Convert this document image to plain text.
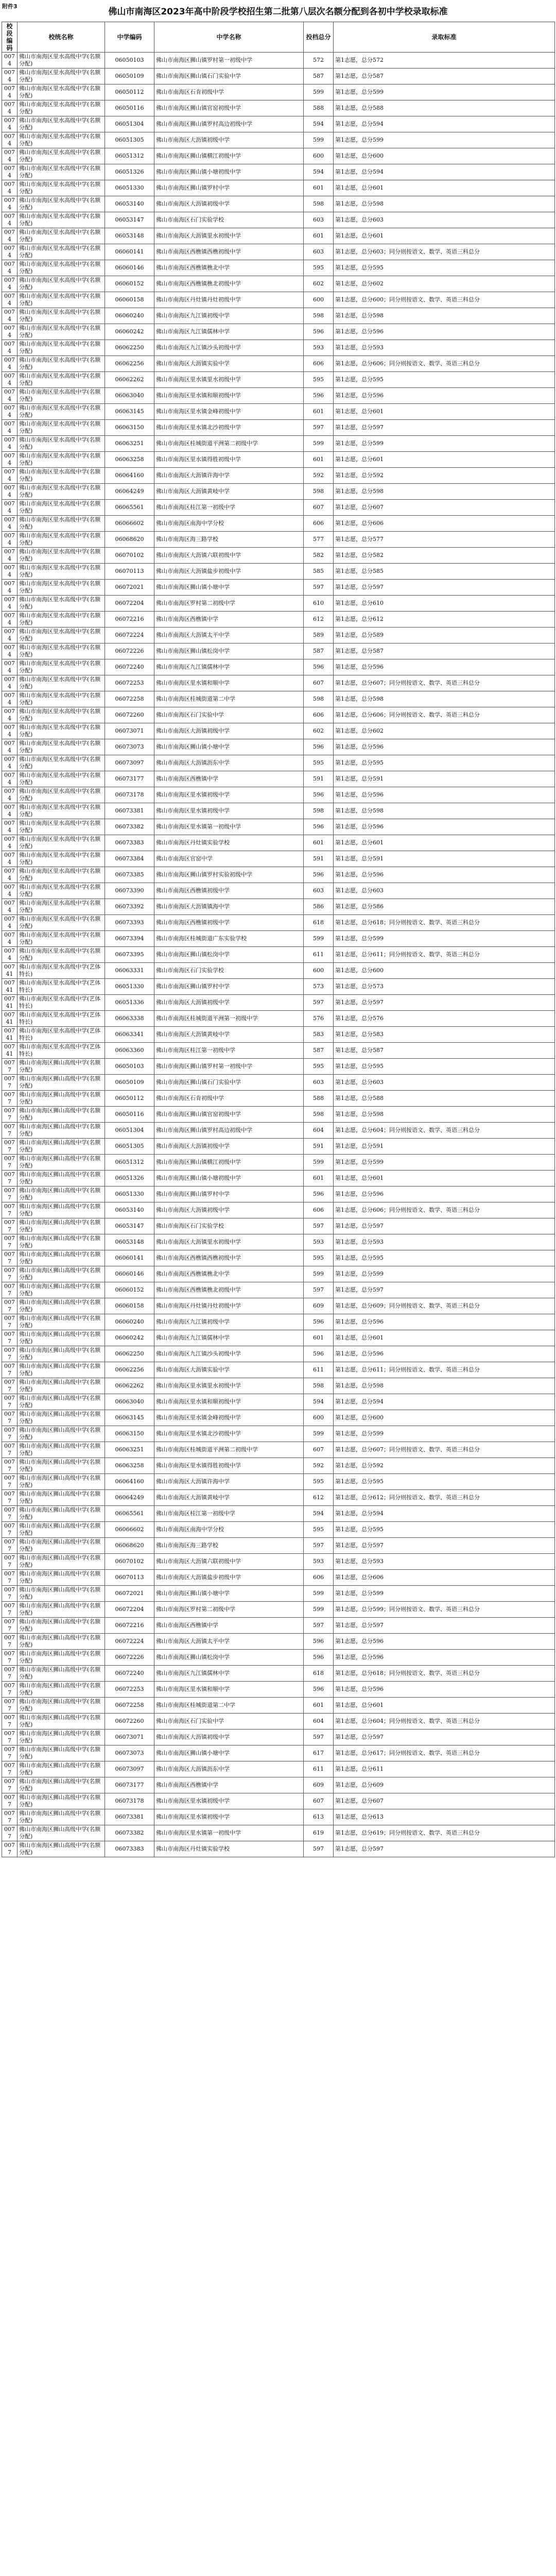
附件3
佛山市南海区2023年高中阶段学校招生第二批第八层次名额分配到各初中学校录取标准
校段编码	校统名称	中学编码	中学名称	投档总分	录取标准
0074	佛山市南海区里水高级中学(名额分配)	06050103	佛山市南海区狮山镇罗村第一初级中学	572	第1志愿，总分572
0074	佛山市南海区里水高级中学(名额分配)	06050109	佛山市南海区狮山镇石门实验中学	587	第1志愿，总分587
0074	佛山市南海区里水高级中学(名额分配)	06050112	佛山市南海区石肯初级中学	599	第1志愿，总分599
0074	佛山市南海区里水高级中学(名额分配)	06050116	佛山市南海区狮山镇官窑初级中学	588	第1志愿，总分588
0074	佛山市南海区里水高级中学(名额分配)	06051304	佛山市南海区狮山镇罗村高边初级中学	594	第1志愿，总分594
0074	佛山市南海区里水高级中学(名额分配)	06051305	佛山市南海区大沥镇初级中学	599	第1志愿，总分599
0074	佛山市南海区里水高级中学(名额分配)	06051312	佛山市南海区狮山镇横江初级中学	600	第1志愿，总分600
0074	佛山市南海区里水高级中学(名额分配)	06051326	佛山市南海区狮山镇小塘初级中学	594	第1志愿，总分594
0074	佛山市南海区里水高级中学(名额分配)	06051330	佛山市南海区狮山镇罗村中学	601	第1志愿，总分601
0074	佛山市南海区里水高级中学(名额分配)	06053140	佛山市南海区大沥镇初级中学	598	第1志愿，总分598
0074	佛山市南海区里水高级中学(名额分配)	06053147	佛山市南海区石门实验学校	603	第1志愿，总分603
0074	佛山市南海区里水高级中学(名额分配)	06053148	佛山市南海区大沥镇里水初级中学	601	第1志愿，总分601
0074	佛山市南海区里水高级中学(名额分配)	06060141	佛山市南海区西樵镇西樵初级中学	603	第1志愿，总分603；同分则按语文、数学、英语三科总分
0074	佛山市南海区里水高级中学(名额分配)	06060146	佛山市南海区西樵镇樵北中学	595	第1志愿，总分595
0074	佛山市南海区里水高级中学(名额分配)	06060152	佛山市南海区西樵镇樵北初级中学	602	第1志愿，总分602
0074	佛山市南海区里水高级中学(名额分配)	06060158	佛山市南海区丹灶镇丹灶初级中学	600	第1志愿，总分600；同分则按语文、数学、英语三科总分
0074	佛山市南海区里水高级中学(名额分配)	06060240	佛山市南海区九江镇初级中学	598	第1志愿，总分598
0074	佛山市南海区里水高级中学(名额分配)	06060242	佛山市南海区九江镇儒林中学	596	第1志愿，总分596
0074	佛山市南海区里水高级中学(名额分配)	06062250	佛山市南海区九江镇沙头初级中学	593	第1志愿，总分593
0074	佛山市南海区里水高级中学(名额分配)	06062256	佛山市南海区大沥镇实验中学	606	第1志愿，总分606；同分则按语文、数学、英语三科总分
0074	佛山市南海区里水高级中学(名额分配)	06062262	佛山市南海区里水镇里水初级中学	595	第1志愿，总分595
0074	佛山市南海区里水高级中学(名额分配)	06063040	佛山市南海区里水镇和顺初级中学	596	第1志愿，总分596
0074	佛山市南海区里水高级中学(名额分配)	06063145	佛山市南海区里水镇金峰初级中学	601	第1志愿，总分601
0074	佛山市南海区里水高级中学(名额分配)	06063150	佛山市南海区里水镇北沙初级中学	597	第1志愿，总分597
0074	佛山市南海区里水高级中学(名额分配)	06063251	佛山市南海区桂城街道平洲第二初级中学	599	第1志愿，总分599
0074	佛山市南海区里水高级中学(名额分配)	06063258	佛山市南海区里水镇得胜初级中学	601	第1志愿，总分601
0074	佛山市南海区里水高级中学(名额分配)	06064160	佛山市南海区大沥镇许海中学	592	第1志愿，总分592
0074	佛山市南海区里水高级中学(名额分配)	06064249	佛山市南海区大沥镇黄岐中学	598	第1志愿，总分598
0074	佛山市南海区里水高级中学(名额分配)	06065561	佛山市南海区桂江第一初级中学	607	第1志愿，总分607
0074	佛山市南海区里水高级中学(名额分配)	06066602	佛山市南海区南海中学分校	606	第1志愿，总分606
0074	佛山市南海区里水高级中学(名额分配)	06068620	佛山市南海区海三路学校	577	第1志愿，总分577
0074	佛山市南海区里水高级中学(名额分配)	06070102	佛山市南海区大沥镇六联初级中学	582	第1志愿，总分582
0074	佛山市南海区里水高级中学(名额分配)	06070113	佛山市南海区大沥镇盐步初级中学	585	第1志愿，总分585
0074	佛山市南海区里水高级中学(名额分配)	06072021	佛山市南海区狮山镇小塘中学	597	第1志愿，总分597
0074	佛山市南海区里水高级中学(名额分配)	06072204	佛山市南海区罗村第二初级中学	610	第1志愿，总分610
0074	佛山市南海区里水高级中学(名额分配)	06072216	佛山市南海区西樵镇中学	612	第1志愿，总分612
0074	佛山市南海区里水高级中学(名额分配)	06072224	佛山市南海区大沥镇太平中学	589	第1志愿，总分589
0074	佛山市南海区里水高级中学(名额分配)	06072226	佛山市南海区狮山镇松岗中学	587	第1志愿，总分587
0074	佛山市南海区里水高级中学(名额分配)	06072240	佛山市南海区九江镇儒林中学	596	第1志愿，总分596
0074	佛山市南海区里水高级中学(名额分配)	06072253	佛山市南海区里水镇和顺中学	607	第1志愿，总分607；同分则按语文、数学、英语三科总分
0074	佛山市南海区里水高级中学(名额分配)	06072258	佛山市南海区桂城街道第二中学	598	第1志愿，总分598
0074	佛山市南海区里水高级中学(名额分配)	06072260	佛山市南海区石门实验中学	606	第1志愿，总分606；同分则按语文、数学、英语三科总分
0074	佛山市南海区里水高级中学(名额分配)	06073071	佛山市南海区大沥镇初级中学	602	第1志愿，总分602
0074	佛山市南海区里水高级中学(名额分配)	06073073	佛山市南海区狮山镇小塘中学	596	第1志愿，总分596
0074	佛山市南海区里水高级中学(名额分配)	06073097	佛山市南海区大沥镇沥东中学	595	第1志愿，总分595
0074	佛山市南海区里水高级中学(名额分配)	06073177	佛山市南海区西樵镇中学	591	第1志愿，总分591
0074	佛山市南海区里水高级中学(名额分配)	06073178	佛山市南海区里水镇初级中学	596	第1志愿，总分596
0074	佛山市南海区里水高级中学(名额分配)	06073381	佛山市南海区里水镇初级中学	598	第1志愿，总分598
0074	佛山市南海区里水高级中学(名额分配)	06073382	佛山市南海区里水镇第一初级中学	596	第1志愿，总分596
0074	佛山市南海区里水高级中学(名额分配)	06073383	佛山市南海区丹灶镇实验学校	601	第1志愿，总分601
0074	佛山市南海区里水高级中学(名额分配)	06073384	佛山市南海区官窑中学	591	第1志愿，总分591
0074	佛山市南海区里水高级中学(名额分配)	06073385	佛山市南海区狮山镇罗村实验初级中学	596	第1志愿，总分596
0074	佛山市南海区里水高级中学(名额分配)	06073390	佛山市南海区西樵镇初级中学	603	第1志愿，总分603
0074	佛山市南海区里水高级中学(名额分配)	06073392	佛山市南海区大沥镇镇海中学	586	第1志愿，总分586
0074	佛山市南海区里水高级中学(名额分配)	06073393	佛山市南海区西樵镇初级中学	618	第1志愿，总分618；同分则按语文、数学、英语三科总分
0074	佛山市南海区里水高级中学(名额分配)	06073394	佛山市南海区桂城街道广东实验学校	599	第1志愿，总分599
0074	佛山市南海区里水高级中学(名额分配)	06073395	佛山市南海区狮山镇松岗中学	611	第1志愿，总分611；同分则按语文、数学、英语三科总分
00741	佛山市南海区里水高级中学(艺体特长)	06063331	佛山市南海区石门实验学校	600	第1志愿，总分600
00741	佛山市南海区里水高级中学(艺体特长)	06051330	佛山市南海区狮山镇罗村中学	573	第1志愿，总分573
00741	佛山市南海区里水高级中学(艺体特长)	06051336	佛山市南海区大沥镇初级中学	597	第1志愿，总分597
00741	佛山市南海区里水高级中学(艺体特长)	06063338	佛山市南海区桂城街道平洲第一初级中学	576	第1志愿，总分576
00741	佛山市南海区里水高级中学(艺体特长)	06063341	佛山市南海区大沥镇黄岐中学	583	第1志愿，总分583
00741	佛山市南海区里水高级中学(艺体特长)	06063360	佛山市南海区桂江第一初级中学	587	第1志愿，总分587
0077	佛山市南海区狮山高级中学(名额分配)	06050103	佛山市南海区狮山镇罗村第一初级中学	595	第1志愿，总分595
0077	佛山市南海区狮山高级中学(名额分配)	06050109	佛山市南海区狮山镇石门实验中学	603	第1志愿，总分603
0077	佛山市南海区狮山高级中学(名额分配)	06050112	佛山市南海区石肯初级中学	588	第1志愿，总分588
0077	佛山市南海区狮山高级中学(名额分配)	06050116	佛山市南海区狮山镇官窑初级中学	598	第1志愿，总分598
0077	佛山市南海区狮山高级中学(名额分配)	06051304	佛山市南海区狮山镇罗村高边初级中学	604	第1志愿，总分604；同分则按语文、数学、英语三科总分
0077	佛山市南海区狮山高级中学(名额分配)	06051305	佛山市南海区大沥镇初级中学	591	第1志愿，总分591
0077	佛山市南海区狮山高级中学(名额分配)	06051312	佛山市南海区狮山镇横江初级中学	599	第1志愿，总分599
0077	佛山市南海区狮山高级中学(名额分配)	06051326	佛山市南海区狮山镇小塘初级中学	601	第1志愿，总分601
0077	佛山市南海区狮山高级中学(名额分配)	06051330	佛山市南海区狮山镇罗村中学	596	第1志愿，总分596
0077	佛山市南海区狮山高级中学(名额分配)	06053140	佛山市南海区大沥镇初级中学	606	第1志愿，总分606；同分则按语文、数学、英语三科总分
0077	佛山市南海区狮山高级中学(名额分配)	06053147	佛山市南海区石门实验学校	597	第1志愿，总分597
0077	佛山市南海区狮山高级中学(名额分配)	06053148	佛山市南海区大沥镇里水初级中学	593	第1志愿，总分593
0077	佛山市南海区狮山高级中学(名额分配)	06060141	佛山市南海区西樵镇西樵初级中学	595	第1志愿，总分595
0077	佛山市南海区狮山高级中学(名额分配)	06060146	佛山市南海区西樵镇樵北中学	599	第1志愿，总分599
0077	佛山市南海区狮山高级中学(名额分配)	06060152	佛山市南海区西樵镇樵北初级中学	597	第1志愿，总分597
0077	佛山市南海区狮山高级中学(名额分配)	06060158	佛山市南海区丹灶镇丹灶初级中学	609	第1志愿，总分609；同分则按语文、数学、英语三科总分
0077	佛山市南海区狮山高级中学(名额分配)	06060240	佛山市南海区九江镇初级中学	596	第1志愿，总分596
0077	佛山市南海区狮山高级中学(名额分配)	06060242	佛山市南海区九江镇儒林中学	601	第1志愿，总分601
0077	佛山市南海区狮山高级中学(名额分配)	06062250	佛山市南海区九江镇沙头初级中学	596	第1志愿，总分596
0077	佛山市南海区狮山高级中学(名额分配)	06062256	佛山市南海区大沥镇实验中学	611	第1志愿，总分611；同分则按语文、数学、英语三科总分
0077	佛山市南海区狮山高级中学(名额分配)	06062262	佛山市南海区里水镇里水初级中学	598	第1志愿，总分598
0077	佛山市南海区狮山高级中学(名额分配)	06063040	佛山市南海区里水镇和顺初级中学	594	第1志愿，总分594
0077	佛山市南海区狮山高级中学(名额分配)	06063145	佛山市南海区里水镇金峰初级中学	600	第1志愿，总分600
0077	佛山市南海区狮山高级中学(名额分配)	06063150	佛山市南海区里水镇北沙初级中学	599	第1志愿，总分599
0077	佛山市南海区狮山高级中学(名额分配)	06063251	佛山市南海区桂城街道平洲第二初级中学	607	第1志愿，总分607；同分则按语文、数学、英语三科总分
0077	佛山市南海区狮山高级中学(名额分配)	06063258	佛山市南海区里水镇得胜初级中学	592	第1志愿，总分592
0077	佛山市南海区狮山高级中学(名额分配)	06064160	佛山市南海区大沥镇许海中学	595	第1志愿，总分595
0077	佛山市南海区狮山高级中学(名额分配)	06064249	佛山市南海区大沥镇黄岐中学	612	第1志愿，总分612；同分则按语文、数学、英语三科总分
0077	佛山市南海区狮山高级中学(名额分配)	06065561	佛山市南海区桂江第一初级中学	594	第1志愿，总分594
0077	佛山市南海区狮山高级中学(名额分配)	06066602	佛山市南海区南海中学分校	595	第1志愿，总分595
0077	佛山市南海区狮山高级中学(名额分配)	06068620	佛山市南海区海三路学校	597	第1志愿，总分597
0077	佛山市南海区狮山高级中学(名额分配)	06070102	佛山市南海区大沥镇六联初级中学	593	第1志愿，总分593
0077	佛山市南海区狮山高级中学(名额分配)	06070113	佛山市南海区大沥镇盐步初级中学	606	第1志愿，总分606
0077	佛山市南海区狮山高级中学(名额分配)	06072021	佛山市南海区狮山镇小塘中学	599	第1志愿，总分599
0077	佛山市南海区狮山高级中学(名额分配)	06072204	佛山市南海区罗村第二初级中学	599	第1志愿，总分599；同分则按语文、数学、英语三科总分
0077	佛山市南海区狮山高级中学(名额分配)	06072216	佛山市南海区西樵镇中学	597	第1志愿，总分597
0077	佛山市南海区狮山高级中学(名额分配)	06072224	佛山市南海区大沥镇太平中学	596	第1志愿，总分596
0077	佛山市南海区狮山高级中学(名额分配)	06072226	佛山市南海区狮山镇松岗中学	596	第1志愿，总分596
0077	佛山市南海区狮山高级中学(名额分配)	06072240	佛山市南海区九江镇儒林中学	618	第1志愿，总分618；同分则按语文、数学、英语三科总分
0077	佛山市南海区狮山高级中学(名额分配)	06072253	佛山市南海区里水镇和顺中学	596	第1志愿，总分596
0077	佛山市南海区狮山高级中学(名额分配)	06072258	佛山市南海区桂城街道第二中学	601	第1志愿，总分601
0077	佛山市南海区狮山高级中学(名额分配)	06072260	佛山市南海区石门实验中学	604	第1志愿，总分604；同分则按语文、数学、英语三科总分
0077	佛山市南海区狮山高级中学(名额分配)	06073071	佛山市南海区大沥镇初级中学	597	第1志愿，总分597
0077	佛山市南海区狮山高级中学(名额分配)	06073073	佛山市南海区狮山镇小塘中学	617	第1志愿，总分617；同分则按语文、数学、英语三科总分
0077	佛山市南海区狮山高级中学(名额分配)	06073097	佛山市南海区大沥镇沥东中学	611	第1志愿，总分611
0077	佛山市南海区狮山高级中学(名额分配)	06073177	佛山市南海区西樵镇中学	609	第1志愿，总分609
0077	佛山市南海区狮山高级中学(名额分配)	06073178	佛山市南海区里水镇初级中学	607	第1志愿，总分607
0077	佛山市南海区狮山高级中学(名额分配)	06073381	佛山市南海区里水镇初级中学	613	第1志愿，总分613
0077	佛山市南海区狮山高级中学(名额分配)	06073382	佛山市南海区里水镇第一初级中学	619	第1志愿，总分619；同分则按语文、数学、英语三科总分
0077	佛山市南海区狮山高级中学(名额分配)	06073383	佛山市南海区丹灶镇实验学校	597	第1志愿，总分597
